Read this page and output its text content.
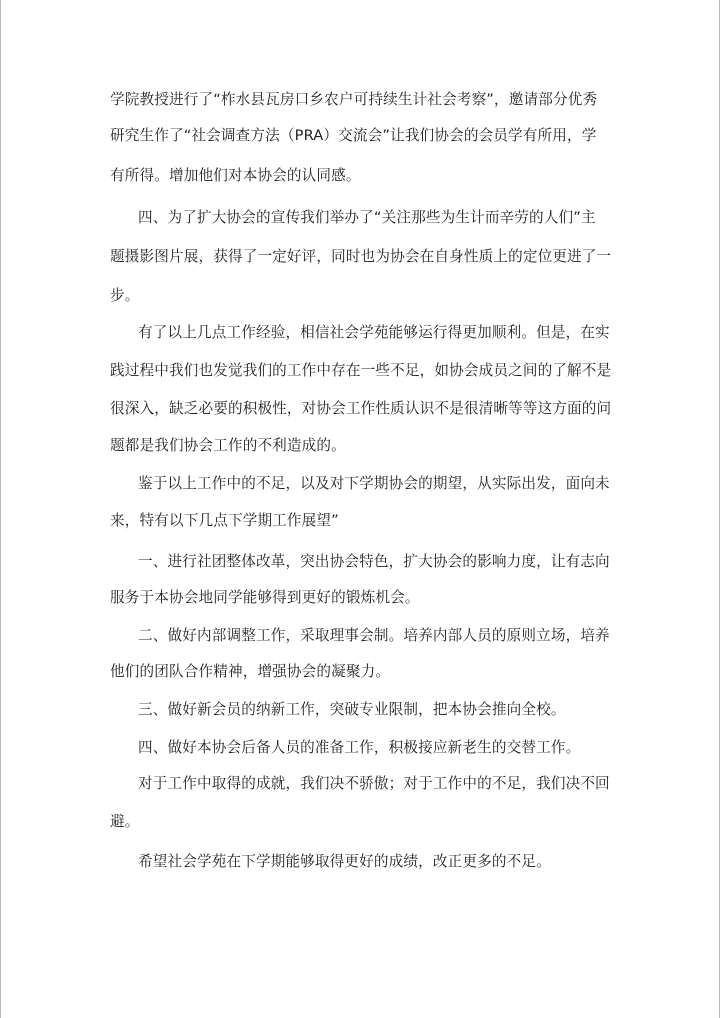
学院教授进行了“柞水县瓦房口乡农户可持续生计社会考察”，邀请部分优秀
研究生作了“社会调查方法（PRA）交流会”让我们协会的会员学有所用，学
有所得。增加他们对本协会的认同感。
四、为了扩大协会的宣传我们举办了“关注那些为生计而辛劳的人们”主
题摄影图片展，获得了一定好评，同时也为协会在自身性质上的定位更进了一
步。
有了以上几点工作经验，相信社会学苑能够运行得更加顺利。但是，在实
践过程中我们也发觉我们的工作中存在一些不足，如协会成员之间的了解不是
很深入，缺乏必要的积极性，对协会工作性质认识不是很清晰等等这方面的问
题都是我们协会工作的不利造成的。
鉴于以上工作中的不足，以及对下学期协会的期望，从实际出发，面向未
来，特有以下几点下学期工作展望”
一、进行社团整体改革，突出协会特色，扩大协会的影响力度，让有志向
服务于本协会地同学能够得到更好的锻炼机会。
二、做好内部调整工作，采取理事会制。培养内部人员的原则立场，培养
他们的团队合作精神，增强协会的凝聚力。
三、做好新会员的纳新工作，突破专业限制，把本协会推向全校。
四、做好本协会后备人员的准备工作，积极接应新老生的交替工作。
对于工作中取得的成就，我们决不骄傲；对于工作中的不足，我们决不回
避。
希望社会学苑在下学期能够取得更好的成绩，改正更多的不足。
